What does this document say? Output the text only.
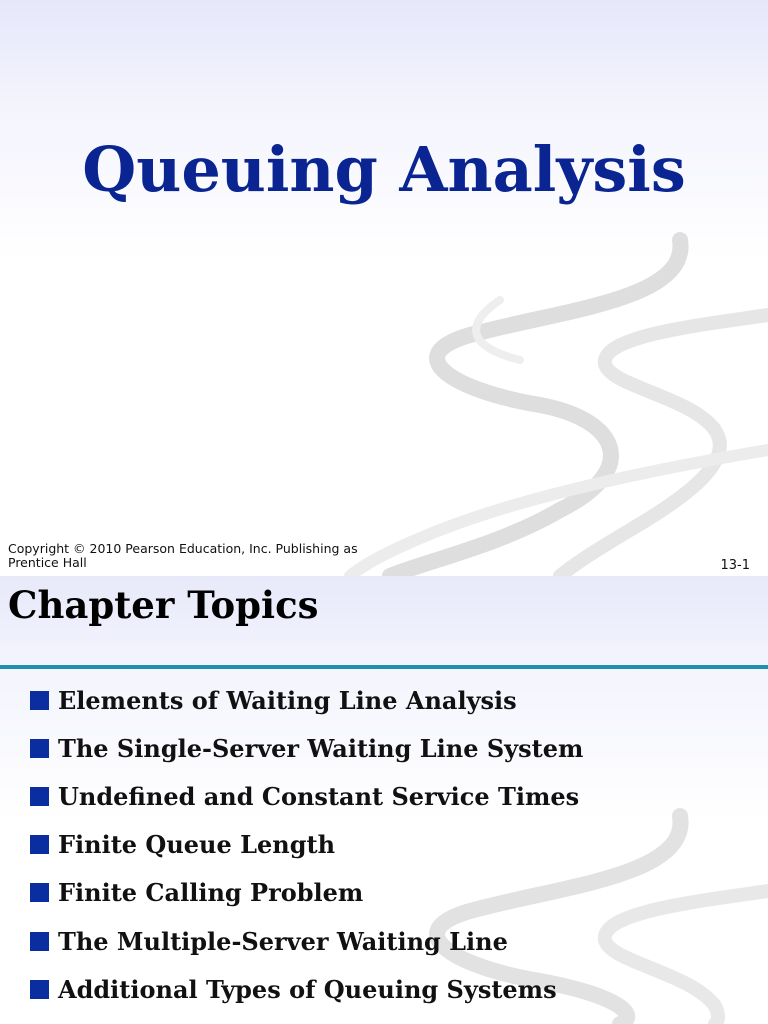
Queuing Analysis
Copyright © 2010 Pearson Education, Inc. Publishing as Prentice Hall	13-1
Chapter Topics
Elements of Waiting Line Analysis
The Single-Server Waiting Line System
Undefined and Constant Service Times
Finite Queue Length
Finite Calling Problem
The Multiple-Server Waiting Line
Additional Types of Queuing Systems
